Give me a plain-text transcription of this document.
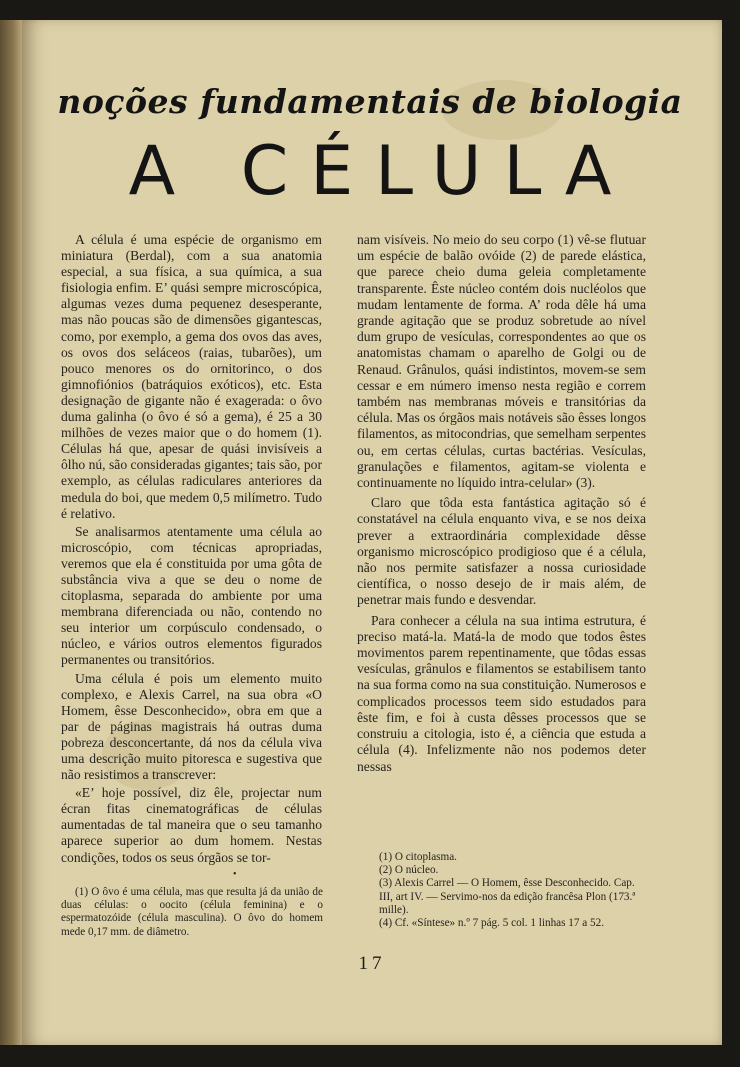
noções fundamentais de biologia
A CÉLULA

A célula é uma espécie de organismo em miniatura (Berdal), com a sua anatomia especial, a sua física, a sua química, a sua fisiologia enfim. E’ quási sempre microscópica, algumas vezes duma pequenez desesperante, mas não poucas são de dimensões gigantescas, como, por exemplo, a gema dos ovos das aves, os ovos dos seláceos (raias, tubarões), um pouco menores os do ornitorinco, o dos gimnofiónios (batráquios exóticos), etc. Esta designação de gigante não é exagerada: o ôvo duma galinha (o ôvo é só a gema), é 25 a 30 milhões de vezes maior que o do homem (1). Células há que, apesar de quási invisíveis a ôlho nú, são consideradas gigantes; tais são, por exemplo, as células radiculares anteriores da medula do boi, que medem 0,5 milímetro. Tudo é relativo.

Se analisarmos atentamente uma célula ao microscópio, com técnicas apropriadas, veremos que ela é constituida por uma gôta de substância viva a que se deu o nome de citoplasma, separada do ambiente por uma membrana diferenciada ou não, contendo no seu interior um corpúsculo condensado, o núcleo, e vários outros elementos figurados permanentes ou transitórios.

Uma célula é pois um elemento muito complexo, e Alexis Carrel, na sua obra «O Homem, êsse Desconhecido», obra em que a par de páginas magistrais há outras duma pobreza desconcertante, dá nos da célula viva uma descrição muito pitoresca e sugestiva que não resistimos a transcrever:

«E’ hoje possível, diz êle, projectar num écran fitas cinematográficas de células aumentadas de tal maneira que o seu tamanho aparece superior ao dum homem. Nestas condições, todos os seus órgãos se tor-

nam visíveis. No meio do seu corpo (1) vê-se flutuar um espécie de balão ovóide (2) de parede elástica, que parece cheio duma geleia completamente transparente. Êste núcleo contém dois nucléolos que mudam lentamente de forma. A’ roda dêle há uma grande agitação que se produz sobretude ao nível dum grupo de vesículas, correspondentes ao que os anatomistas chamam o aparelho de Golgi ou de Renaud. Grânulos, quási indistintos, movem-se sem cessar e em número imenso nesta região e correm também nas membranas móveis e transitórias da célula. Mas os órgãos mais notáveis são êsses longos filamentos, as mitocondrias, que semelham serpentes ou, em certas células, curtas bactérias. Vesículas, granulações e filamentos, agitam-se violenta e continuamente no líquido intra-celular» (3).

Claro que tôda esta fantástica agitação só é constatável na célula enquanto viva, e se nos deixa prever a extraordinária complexidade dêsse organismo microscópico prodigioso que é a célula, não nos permite satisfazer a nossa curiosidade científica, o nosso desejo de ir mais além, de penetrar mais fundo e desvendar.

Para conhecer a célula na sua intima estrutura, é preciso matá-la. Matá-la de modo que todos êstes movimentos parem repentinamente, que tôdas essas vesículas, grânulos e filamentos se estabilisem tanto na sua forma como na sua constituição. Numerosos e complicados processos teem sido estudados para êste fim, e foi à custa dêsses processos que se construiu a citologia, isto é, a ciência que estuda a célula (4). Infelizmente não nos podemos deter nessas

•
(1) O ôvo é uma célula, mas que resulta já da união de duas células: o oocito (célula feminina) e o espermatozóide (célula masculina). O ôvo do homem mede 0,17 mm. de diâmetro.
(1) O citoplasma.
(2) O núcleo.
(3) Alexis Carrel — O Homem, êsse Desconhecido. Cap. III, art IV. — Servimo-nos da edição francêsa Plon (173.ª mille).
(4) Cf. «Síntese» n.º 7 pág. 5 col. 1 linhas 17 a 52.
17
